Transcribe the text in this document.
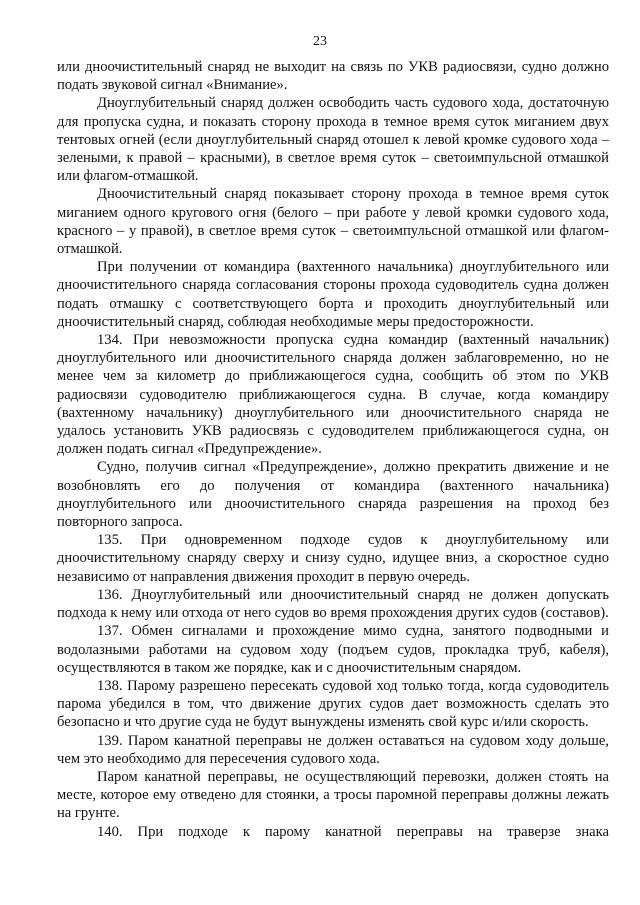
23

или дноочистительный снаряд не выходит на связь по УКВ радиосвязи, судно должно подать звуковой сигнал «Внимание».

Дноуглубительный снаряд должен освободить часть судового хода, достаточную для пропуска судна, и показать сторону прохода в темное время суток миганием двух тентовых огней (если дноуглубительный снаряд отошел к левой кромке судового хода – зелеными, к правой – красными), в светлое время суток – светоимпульсной отмашкой или флагом-отмашкой.

Дноочистительный снаряд показывает сторону прохода в темное время суток миганием одного кругового огня (белого – при работе у левой кромки судового хода, красного – у правой), в светлое время суток – светоимпульсной отмашкой или флагом-отмашкой.

При получении от командира (вахтенного начальника) дноуглубительного или дноочистительного снаряда согласования стороны прохода судоводитель судна должен подать отмашку с соответствующего борта и проходить дноуглубительный или дноочистительный снаряд, соблюдая необходимые меры предосторожности.

134. При невозможности пропуска судна командир (вахтенный начальник) дноуглубительного или дноочистительного снаряда должен заблаговременно, но не менее чем за километр до приближающегося судна, сообщить об этом по УКВ радиосвязи судоводителю приближающегося судна. В случае, когда командиру (вахтенному начальнику) дноуглубительного или дноочистительного снаряда не удалось установить УКВ радиосвязь с судоводителем приближающегося судна, он должен подать сигнал «Предупреждение».

Судно, получив сигнал «Предупреждение», должно прекратить движение и не возобновлять его до получения от командира (вахтенного начальника) дноуглубительного или дноочистительного снаряда разрешения на проход без повторного запроса.

135. При одновременном подходе судов к дноуглубительному или дноочистительному снаряду сверху и снизу судно, идущее вниз, а скоростное судно независимо от направления движения проходит в первую очередь.

136. Дноуглубительный или дноочистительный снаряд не должен допускать подхода к нему или отхода от него судов во время прохождения других судов (составов).

137. Обмен сигналами и прохождение мимо судна, занятого подводными и водолазными работами на судовом ходу (подъем судов, прокладка труб, кабеля), осуществляются в таком же порядке, как и с дноочистительным снарядом.

138. Парому разрешено пересекать судовой ход только тогда, когда судоводитель парома убедился в том, что движение других судов дает возможность сделать это безопасно и что другие суда не будут вынуждены изменять свой курс и/или скорость.

139. Паром канатной переправы не должен оставаться на судовом ходу дольше, чем это необходимо для пересечения судового хода.

Паром канатной переправы, не осуществляющий перевозки, должен стоять на месте, которое ему отведено для стоянки, а тросы паромной переправы должны лежать на грунте.

140. При подходе к парому канатной переправы на траверзе знака
